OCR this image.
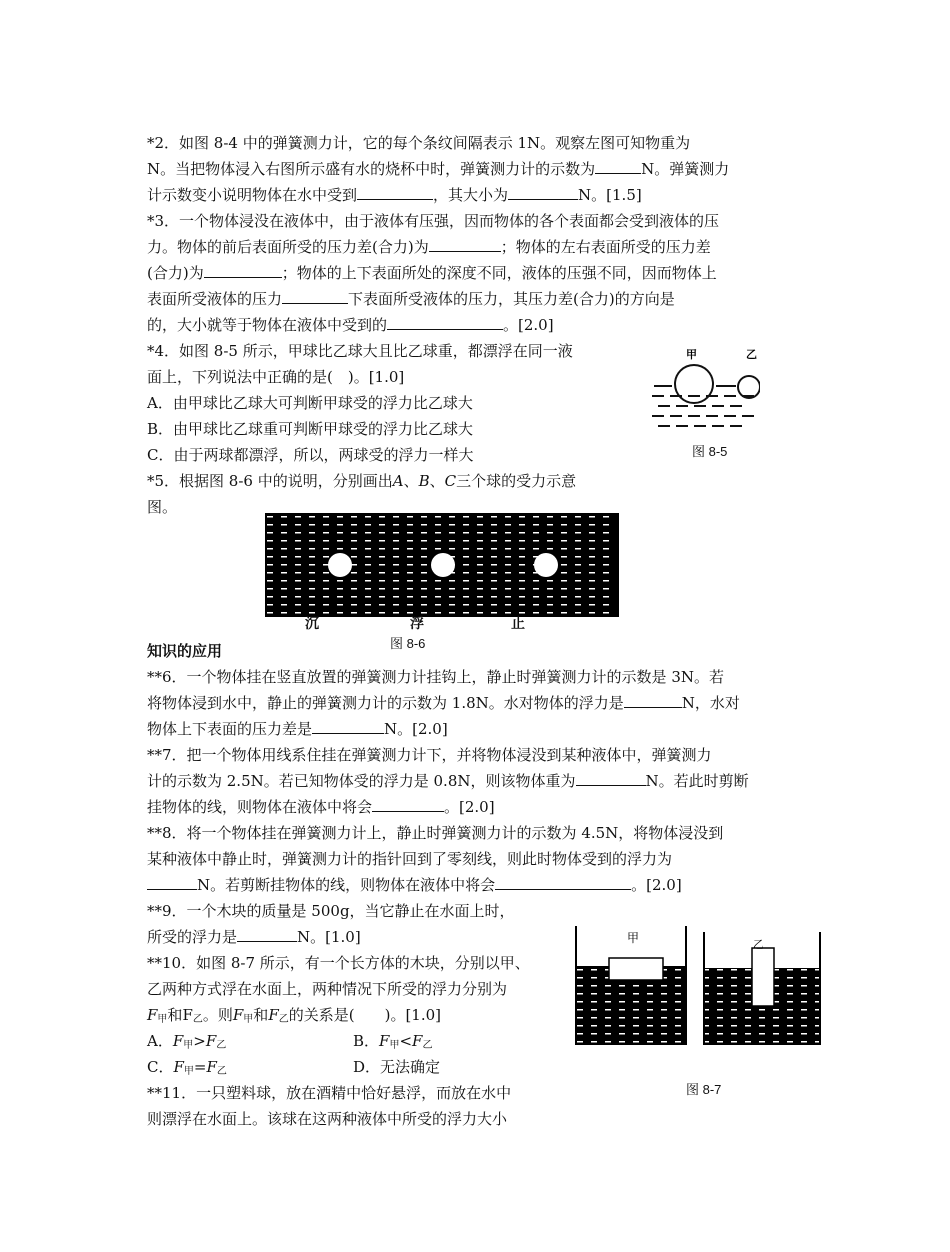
*2．如图 8-4 中的弹簧测力计，它的每个条纹间隔表示 1N。观察左图可知物重为
N。当把物体浸入右图所示盛有水的烧杯中时，弹簧测力计的示数为	N。弹簧测力
计示数变小说明物体在水中受到	，其大小为	N。[1.5]
*3．一个物体浸没在液体中，由于液体有压强，因而物体的各个表面都会受到液体的压
力。物体的前后表面所受的压力差(合力)为	；物体的左右表面所受的压力差
(合力)为	；物体的上下表面所处的深度不同，液体的压强不同，因而物体上
表面所受液体的压力	下表面所受液体的压力，其压力差(合力)的方向是
的，大小就等于物体在液体中受到的	。[2.0]
*4．如图 8-5 所示，甲球比乙球大且比乙球重，都漂浮在同一液
面上，下列说法中正确的是(　)。[1.0]
A．由甲球比乙球大可判断甲球受的浮力比乙球大
B．由甲球比乙球重可判断甲球受的浮力比乙球大
C．由于两球都漂浮，所以，两球受的浮力一样大
甲	乙
图 8-5
*5．根据图 8-6 中的说明，分别画出A、B、C三个球的受力示意
图。
沉	浮	止
图 8-6
知识的应用
**6．一个物体挂在竖直放置的弹簧测力计挂钩上，静止时弹簧测力计的示数是 3N。若
将物体浸到水中，静止的弹簧测力计的示数为 1.8N。水对物体的浮力是	N，水对
物体上下表面的压力差是	N。[2.0]
**7．把一个物体用线系住挂在弹簧测力计下，并将物体浸没到某种液体中，弹簧测力
计的示数为 2.5N。若已知物体受的浮力是 0.8N，则该物体重为	N。若此时剪断
挂物体的线，则物体在液体中将会	。[2.0]
**8．将一个物体挂在弹簧测力计上，静止时弹簧测力计的示数为 4.5N，将物体浸没到
某种液体中静止时，弹簧测力计的指针回到了零刻线，则此时物体受到的浮力为
N。若剪断挂物体的线，则物体在液体中将会	。[2.0]
**9．一个木块的质量是 500g，当它静止在水面上时，
所受的浮力是	N。[1.0]
**10．如图 8-7 所示，有一个长方体的木块，分别以甲、
乙两种方式浮在水面上，两种情况下所受的浮力分别为
$F_甲$和$F_乙$。则$F_甲$和$F_乙$的关系是(　　)。[1.0]
A．$F_甲>F_乙$	B．$F_甲<F_乙$
C．$F_甲=F_乙$	D．无法确定
甲	乙
图 8-7
**11．一只塑料球，放在酒精中恰好悬浮，而放在水中
则漂浮在水面上。该球在这两种液体中所受的浮力大小
